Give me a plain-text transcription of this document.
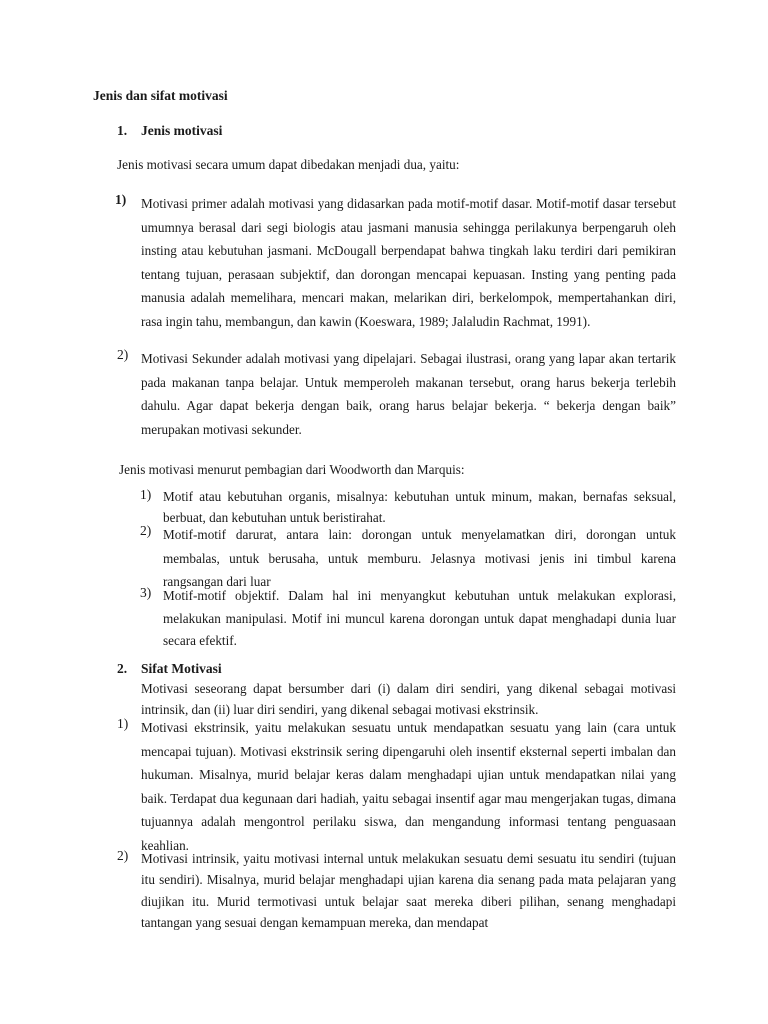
Jenis dan sifat motivasi
1. Jenis motivasi
Jenis motivasi secara umum dapat dibedakan menjadi dua, yaitu:
1) Motivasi primer adalah motivasi yang didasarkan pada motif-motif dasar. Motif-motif dasar tersebut umumnya berasal dari segi biologis atau jasmani manusia sehingga perilakunya berpengaruh oleh insting atau kebutuhan jasmani. McDougall berpendapat bahwa tingkah laku terdiri dari pemikiran tentang tujuan, perasaan subjektif, dan dorongan mencapai kepuasan. Insting yang penting pada manusia adalah memelihara, mencari makan, melarikan diri, berkelompok, mempertahankan diri, rasa ingin tahu, membangun, dan kawin (Koeswara, 1989; Jalaludin Rachmat, 1991).

2) Motivasi Sekunder adalah motivasi yang dipelajari. Sebagai ilustrasi, orang yang lapar akan tertarik pada makanan tanpa belajar. Untuk memperoleh makanan tersebut, orang harus bekerja terlebih dahulu. Agar dapat bekerja dengan baik, orang harus belajar bekerja. “ bekerja dengan baik” merupakan motivasi sekunder.

Jenis motivasi menurut pembagian dari Woodworth dan Marquis:
1) Motif atau kebutuhan organis, misalnya: kebutuhan untuk minum, makan, bernafas seksual, berbuat, dan kebutuhan untuk beristirahat.

2) Motif-motif darurat, antara lain: dorongan untuk menyelamatkan diri, dorongan untuk membalas, untuk berusaha, untuk memburu. Jelasnya motivasi jenis ini timbul karena rangsangan dari luar

3) Motif-motif objektif. Dalam hal ini menyangkut kebutuhan untuk melakukan explorasi, melakukan manipulasi. Motif ini muncul karena dorongan untuk dapat menghadapi dunia luar secara efektif.

2. Sifat Motivasi

Motivasi seseorang dapat bersumber dari (i) dalam diri sendiri, yang dikenal sebagai motivasi intrinsik, dan (ii) luar diri sendiri, yang dikenal sebagai motivasi ekstrinsik.

1) Motivasi ekstrinsik, yaitu melakukan sesuatu untuk mendapatkan sesuatu yang lain (cara untuk mencapai tujuan). Motivasi ekstrinsik sering dipengaruhi oleh insentif eksternal seperti imbalan dan hukuman. Misalnya, murid belajar keras dalam menghadapi ujian untuk mendapatkan nilai yang baik. Terdapat dua kegunaan dari hadiah, yaitu sebagai insentif agar mau mengerjakan tugas, dimana tujuannya adalah mengontrol perilaku siswa, dan mengandung informasi tentang penguasaan keahlian.

2) Motivasi intrinsik, yaitu motivasi internal untuk melakukan sesuatu demi sesuatu itu sendiri (tujuan itu sendiri). Misalnya, murid belajar menghadapi ujian karena dia senang pada mata pelajaran yang diujikan itu. Murid termotivasi untuk belajar saat mereka diberi pilihan, senang menghadapi tantangan yang sesuai dengan kemampuan mereka, dan mendapat
